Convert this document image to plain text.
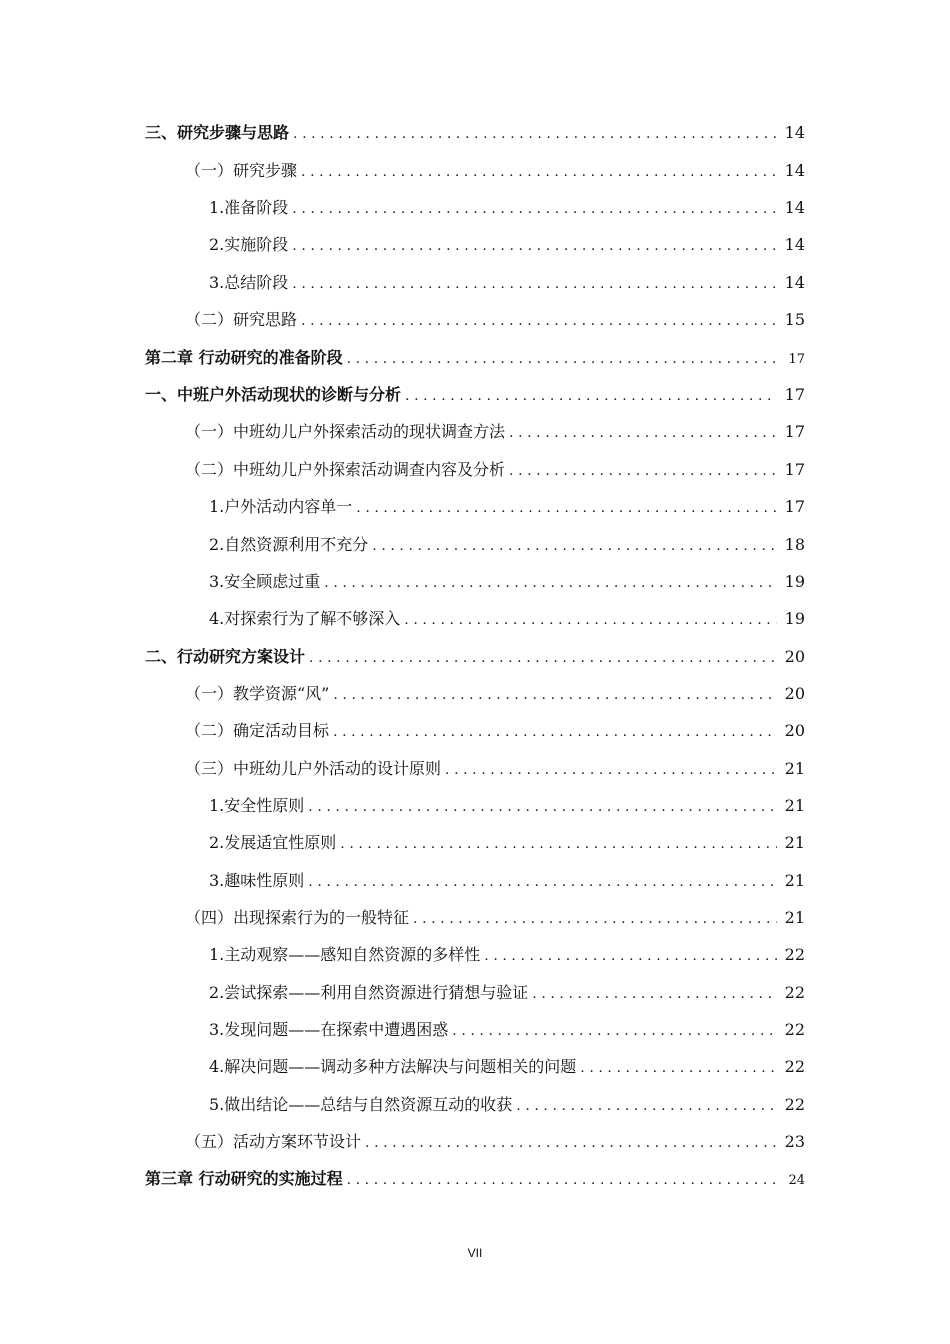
三、研究步骤与思路 .....	14
（一）研究步骤 .....	14
1.准备阶段 .....	14
2.实施阶段 .....	14
3.总结阶段 .....	14
（二）研究思路 .....	15
第二章 行动研究的准备阶段 .....	17
一、中班户外活动现状的诊断与分析 .....	17
（一）中班幼儿户外探索活动的现状调查方法 .....	17
（二）中班幼儿户外探索活动调查内容及分析 .....	17
1.户外活动内容单一 .....	17
2.自然资源利用不充分 .....	18
3.安全顾虑过重 .....	19
4.对探索行为了解不够深入 .....	19
二、行动研究方案设计 .....	20
（一）教学资源“风” .....	20
（二）确定活动目标 .....	20
（三）中班幼儿户外活动的设计原则 .....	21
1.安全性原则 .....	21
2.发展适宜性原则 .....	21
3.趣味性原则 .....	21
（四）出现探索行为的一般特征 .....	21
1.主动观察——感知自然资源的多样性 .....	22
2.尝试探索——利用自然资源进行猜想与验证 .....	22
3.发现问题——在探索中遭遇困惑 .....	22
4.解决问题——调动多种方法解决与问题相关的问题 .....	22
5.做出结论——总结与自然资源互动的收获 .....	22
（五）活动方案环节设计 .....	23
第三章 行动研究的实施过程 .....	24
VII
